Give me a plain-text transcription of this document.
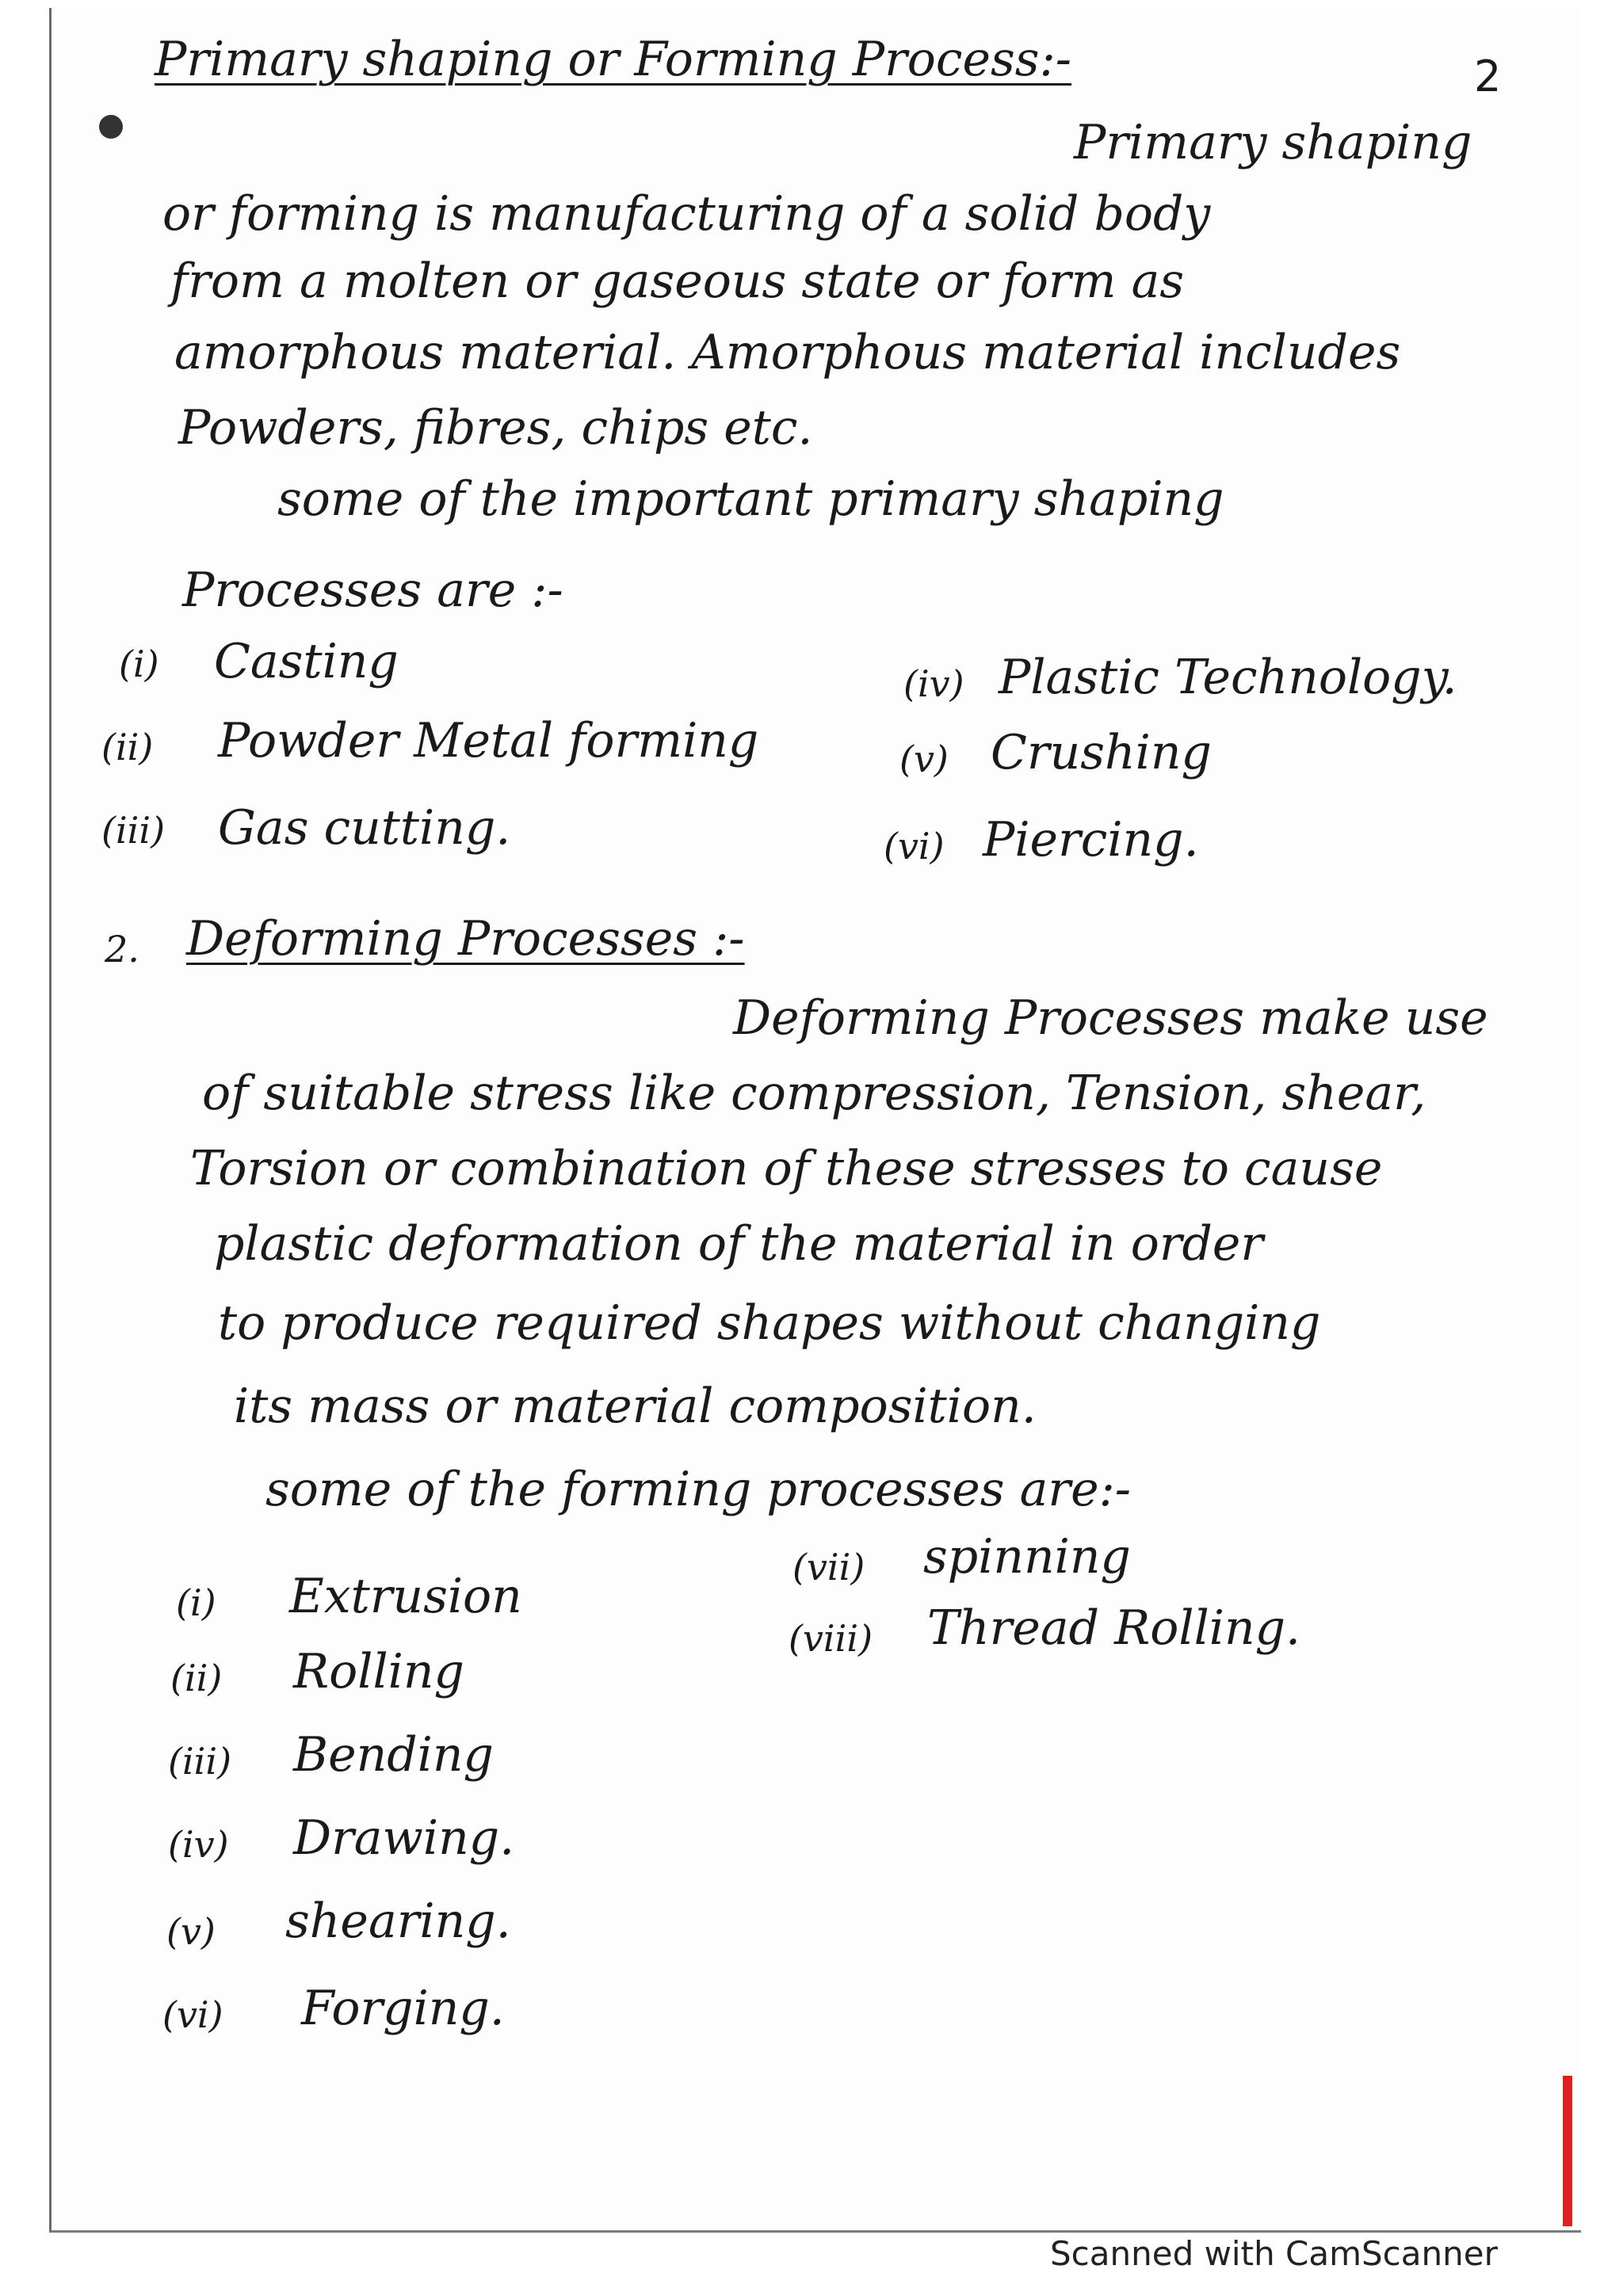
2
Primary shaping or Forming Process:-
Primary shaping
or forming is manufacturing of a solid body
from a molten or gaseous state or form as
amorphous material. Amorphous material includes
Powders, fibres, chips etc.
some of the important primary shaping
Processes are :-
(i) Casting
(ii) Powder Metal forming
(iii) Gas cutting.
(iv) Plastic Technology.
(v) Crushing
(vi) Piercing.
2. Deforming Processes :-
Deforming Processes make use
of suitable stress like compression, Tension, shear,
Torsion or combination of these stresses to cause
plastic deformation of the material in order
to produce required shapes without changing
its mass or material composition.
some of the forming processes are:-
(i) Extrusion
(ii) Rolling
(iii) Bending
(iv) Drawing.
(v) shearing.
(vi) Forging.
(vii) spinning
(viii) Thread Rolling.
Scanned with CamScanner
